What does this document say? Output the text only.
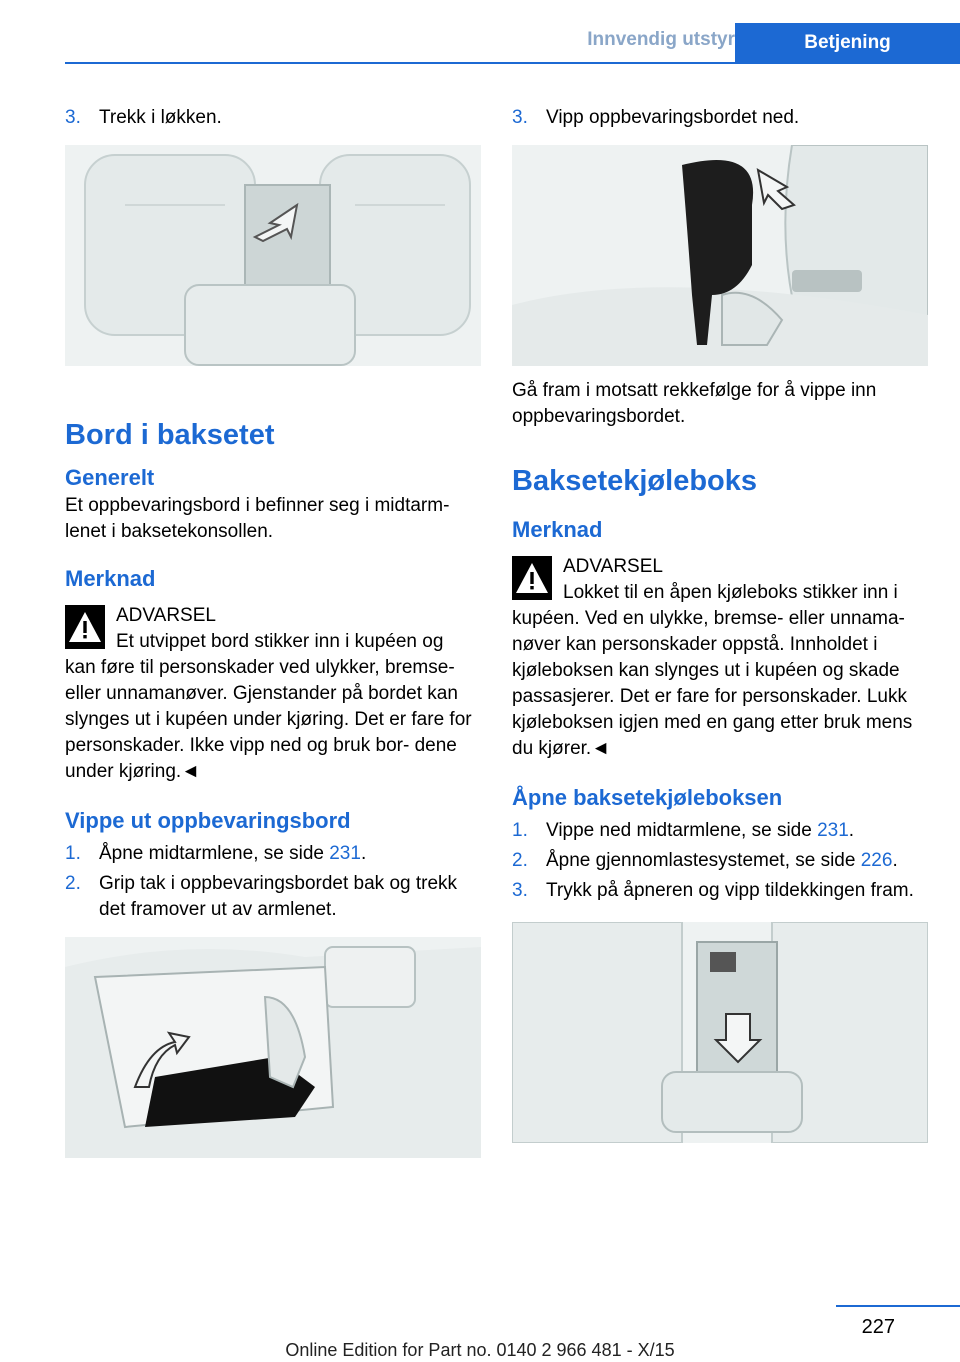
Innvendig utstyr	Betjening
3. Trekk i løkken.
Bord i baksetet
Generelt

Et oppbevaringsbord i befinner seg i midtarm- lenet i baksetekonsollen.

Merknad
ADVARSEL

Et utvippet bord stikker inn i kupéen og
kan føre til personskader ved ulykker, bremse- eller unnamanøver. Gjenstander på bordet kan slynges ut i kupéen under kjøring. Det er fare for personskader. Ikke vipp ned og bruk bor- dene under kjøring.◄

Vippe ut oppbevaringsbord
1. Åpne midtarmlene, se side 231.
2. Grip tak i oppbevaringsbordet bak og trekk det framover ut av armlenet.
3. Vipp oppbevaringsbordet ned.

Gå fram i motsatt rekkefølge for å vippe inn oppbevaringsbordet.

Baksetekjøleboks
Merknad
ADVARSEL

Lokket til en åpen kjøleboks stikker inn i
kupéen. Ved en ulykke, bremse- eller unnama- nøver kan personskader oppstå. Innholdet i kjøleboksen kan slynges ut i kupéen og skade passasjerer. Det er fare for personskader. Lukk kjøleboksen igjen med en gang etter bruk mens du kjører.◄

Åpne baksetekjøleboksen
1. Vippe ned midtarmlene, se side 231.
2. Åpne gjennomlastesystemet, se side 226.
3. Trykk på åpneren og vipp tildekkingen fram.
227
Online Edition for Part no. 0140 2 966 481 - X/15
